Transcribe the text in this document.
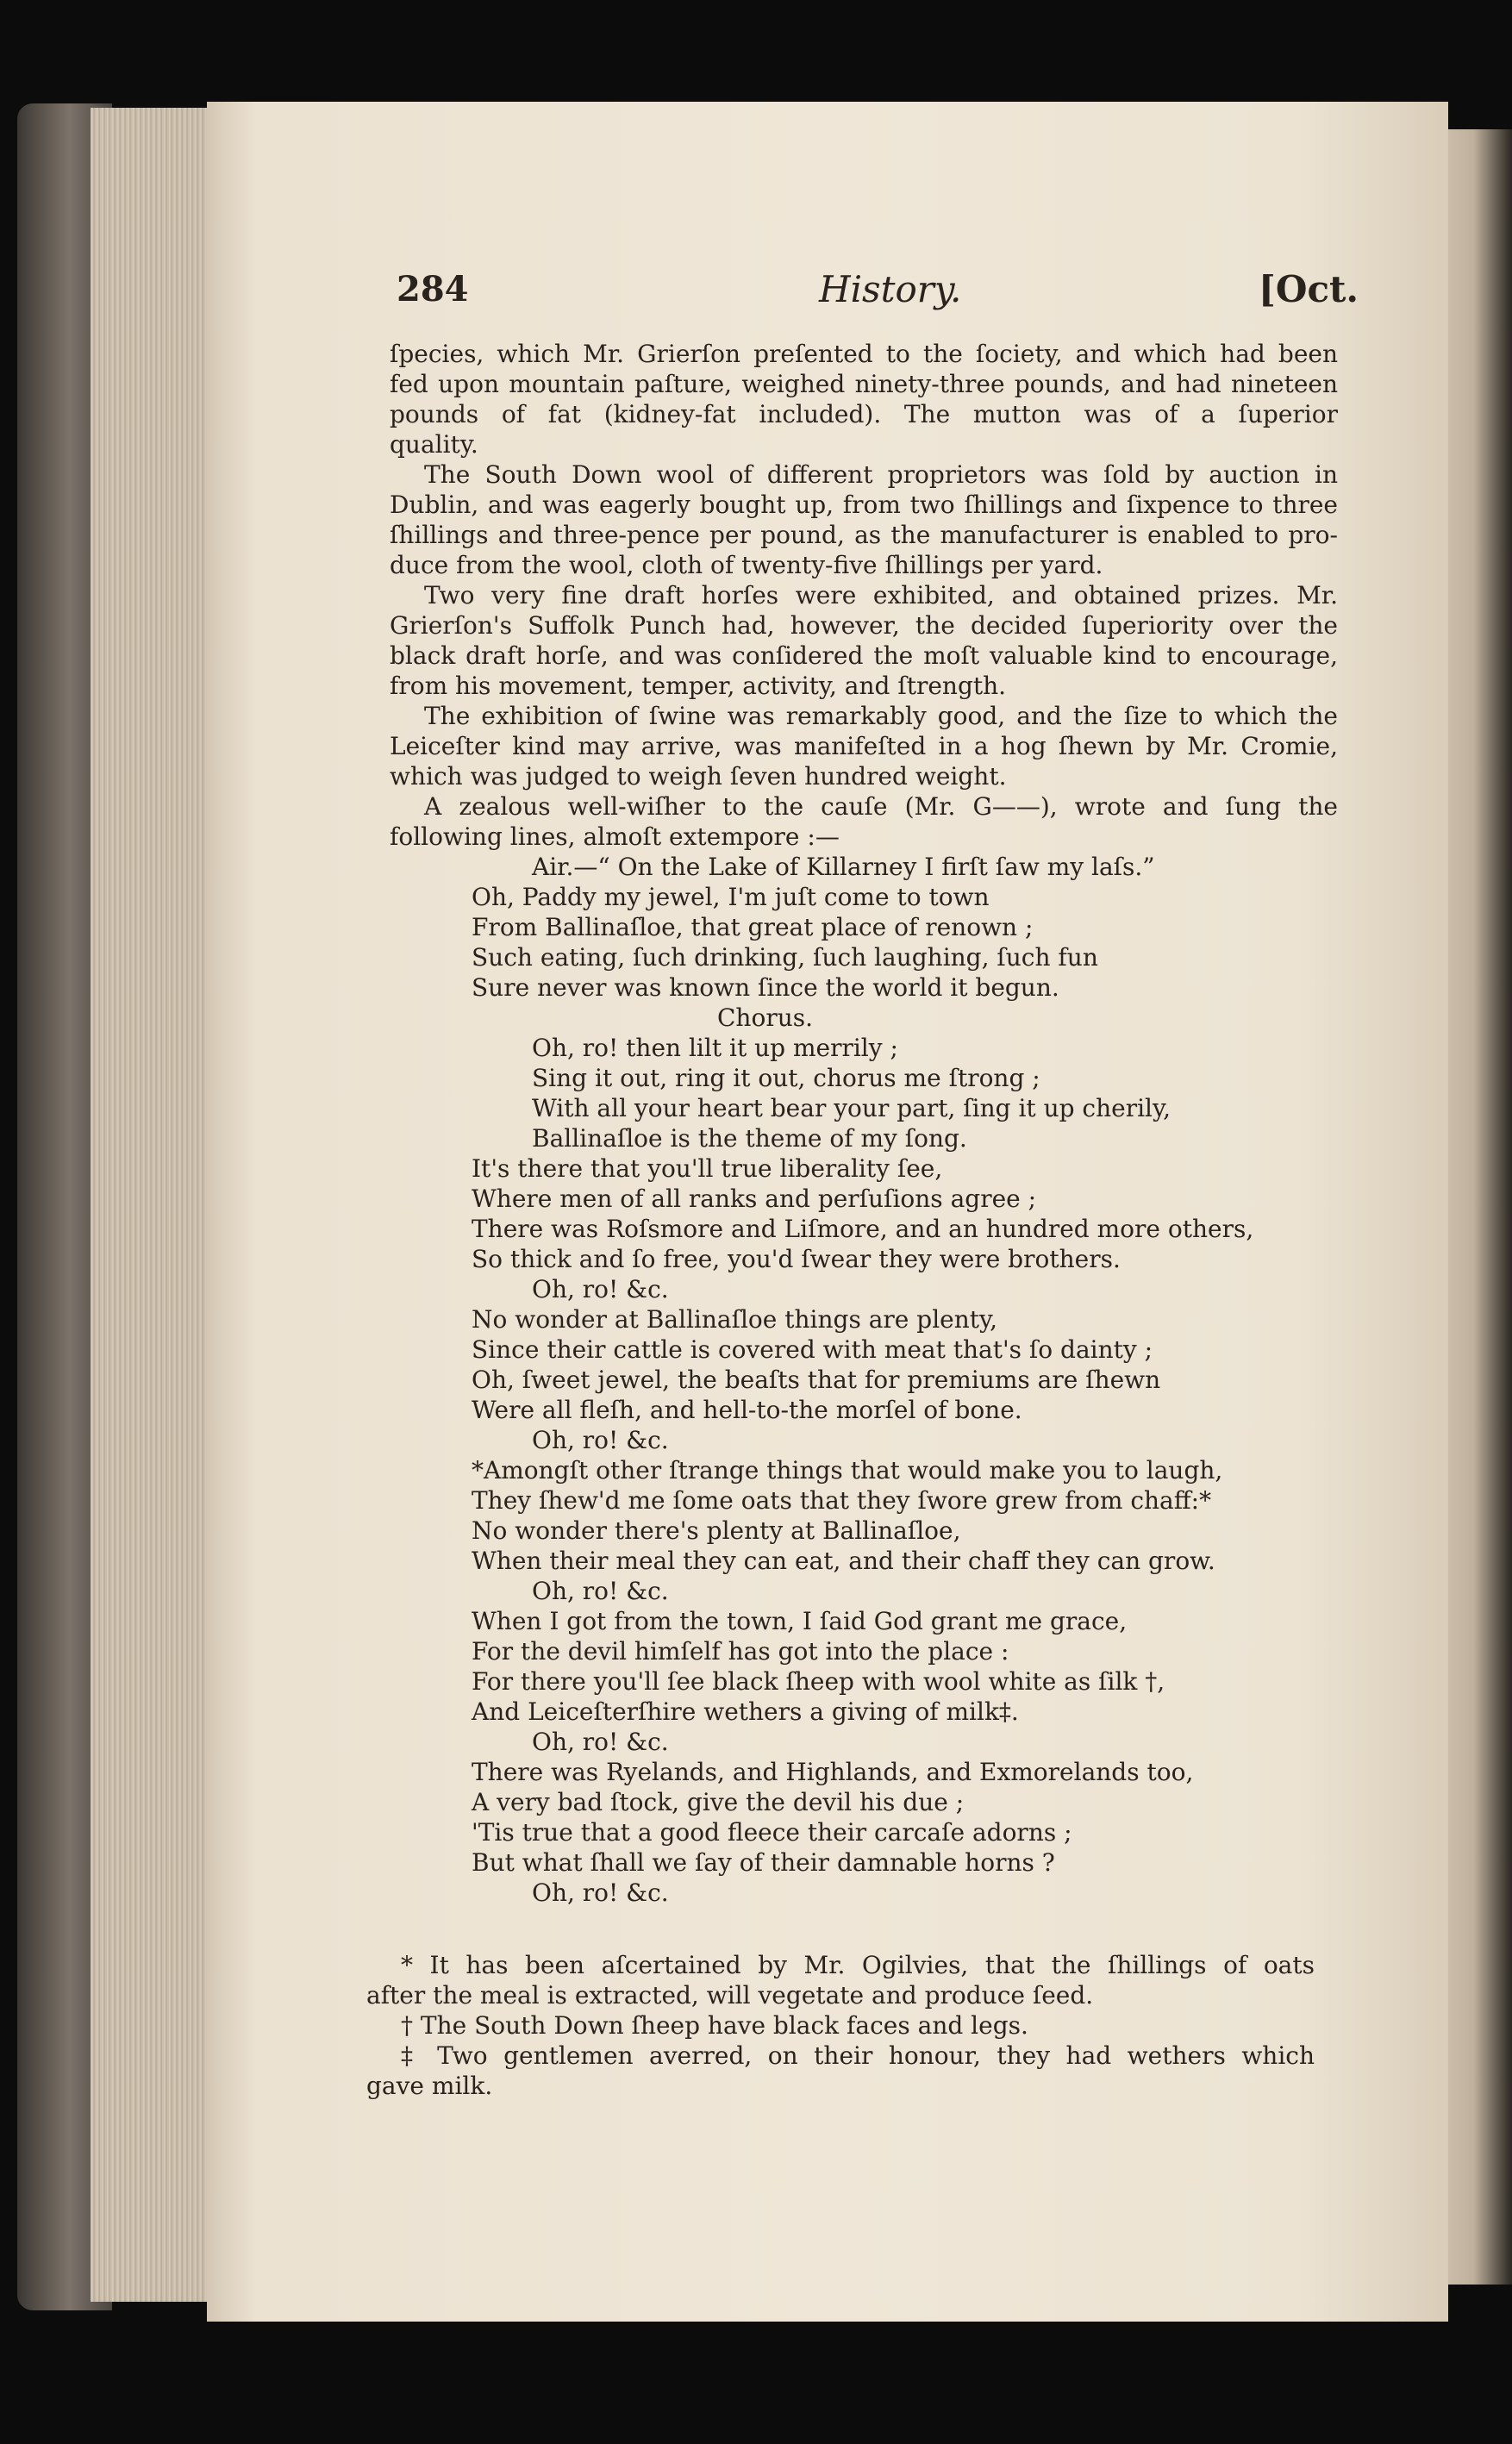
284	History.	[Oct.

ſpecies, which Mr. Grierſon preſented to the ſociety, and which had been

fed upon mountain paſture, weighed ninety-three pounds, and had nineteen

pounds of fat (kidney-fat included). The mutton was of a ſuperior

quality.

The South Down wool of different proprietors was ſold by auction in

Dublin, and was eagerly bought up, from two ſhillings and ſixpence to three

ſhillings and three-pence per pound, as the manufacturer is enabled to pro-

duce from the wool, cloth of twenty-five ſhillings per yard.

Two very fine draft horſes were exhibited, and obtained prizes. Mr.

Grierſon's Suffolk Punch had, however, the decided ſuperiority over the

black draft horſe, and was conſidered the moſt valuable kind to encourage,

from his movement, temper, activity, and ſtrength.

The exhibition of ſwine was remarkably good, and the ſize to which the

Leiceſter kind may arrive, was manifeſted in a hog ſhewn by Mr. Cromie,

which was judged to weigh ſeven hundred weight.

A zealous well-wiſher to the cauſe (Mr. G——), wrote and ſung the

following lines, almoſt extempore :—

Air.—“ On the Lake of Killarney I firſt ſaw my laſs.”

Oh, Paddy my jewel, I'm juſt come to town

From Ballinaſloe, that great place of renown ;

Such eating, ſuch drinking, ſuch laughing, ſuch fun

Sure never was known ſince the world it begun.

Chorus.

Oh, ro! then lilt it up merrily ;

Sing it out, ring it out, chorus me ſtrong ;

With all your heart bear your part, ſing it up cherily,

Ballinaſloe is the theme of my ſong.

It's there that you'll true liberality ſee,

Where men of all ranks and perſuſions agree ;

There was Roſsmore and Liſmore, and an hundred more others,

So thick and ſo free, you'd ſwear they were brothers.

Oh, ro! &c.

No wonder at Ballinaſloe things are plenty,

Since their cattle is covered with meat that's ſo dainty ;

Oh, ſweet jewel, the beaſts that for premiums are ſhewn

Were all fleſh, and hell-to-the morſel of bone.

Oh, ro! &c.

*Amongſt other ſtrange things that would make you to laugh,

They ſhew'd me ſome oats that they ſwore grew from chaff:*

No wonder there's plenty at Ballinaſloe,

When their meal they can eat, and their chaff they can grow.

Oh, ro! &c.

When I got from the town, I ſaid God grant me grace,

For the devil himſelf has got into the place :

For there you'll ſee black ſheep with wool white as ſilk †,

And Leiceſterſhire wethers a giving of milk‡.

Oh, ro! &c.

There was Ryelands, and Highlands, and Exmorelands too,

A very bad ſtock, give the devil his due ;

'Tis true that a good fleece their carcaſe adorns ;

But what ſhall we ſay of their damnable horns ?

Oh, ro! &c.

* It has been aſcertained by Mr. Ogilvies, that the ſhillings of oats

after the meal is extracted, will vegetate and produce ſeed.

† The South Down ſheep have black faces and legs.

‡ Two gentlemen averred, on their honour, they had wethers which

gave milk.
